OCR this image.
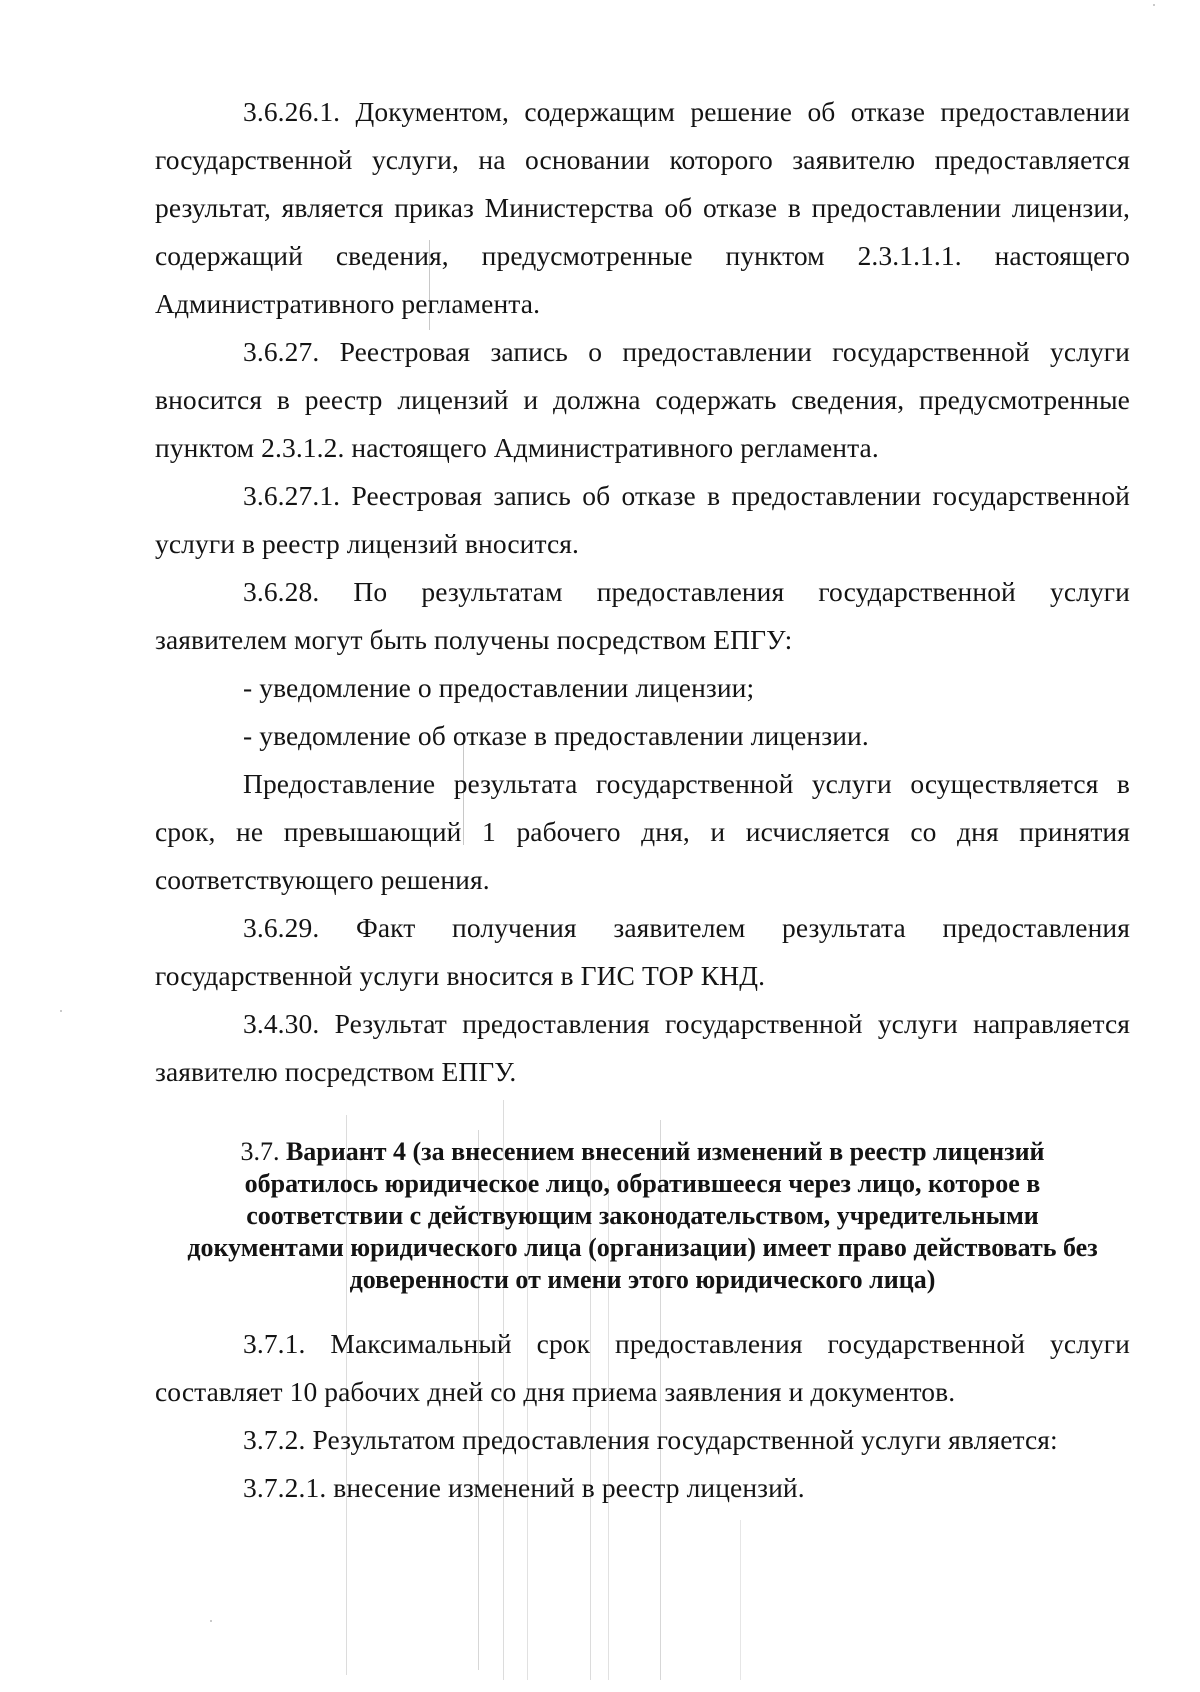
3.6.26.1. Документом, содержащим решение об отказе предоставлении государственной услуги, на основании которого заявителю предоставляется результат, является приказ Министерства об отказе в предоставлении лицензии, содержащий сведения, предусмотренные пунктом 2.3.1.1.1. настоящего Административного регламента.

3.6.27. Реестровая запись о предоставлении государственной услуги вносится в реестр лицензий и должна содержать сведения, предусмотренные пунктом 2.3.1.2. настоящего Административного регламента.

3.6.27.1. Реестровая запись об отказе в предоставлении государственной услуги в реестр лицензий вносится.

3.6.28. По результатам предоставления государственной услуги заявителем могут быть получены посредством ЕПГУ:

- уведомление о предоставлении лицензии;

- уведомление об отказе в предоставлении лицензии.

Предоставление результата государственной услуги осуществляется в срок, не превышающий 1 рабочего дня, и исчисляется со дня принятия соответствующего решения.

3.6.29. Факт получения заявителем результата предоставления государственной услуги вносится в ГИС ТОР КНД.

3.4.30. Результат предоставления государственной услуги направляется заявителю посредством ЕПГУ.

3.7. Вариант 4 (за внесением внесений изменений в реестр лицензий обратилось юридическое лицо, обратившееся через лицо, которое в соответствии с действующим законодательством, учредительными документами юридического лица (организации) имеет право действовать без доверенности от имени этого юридического лица)

3.7.1. Максимальный срок предоставления государственной услуги составляет 10 рабочих дней со дня приема заявления и документов.

3.7.2. Результатом предоставления государственной услуги является:

3.7.2.1. внесение изменений в реестр лицензий.
